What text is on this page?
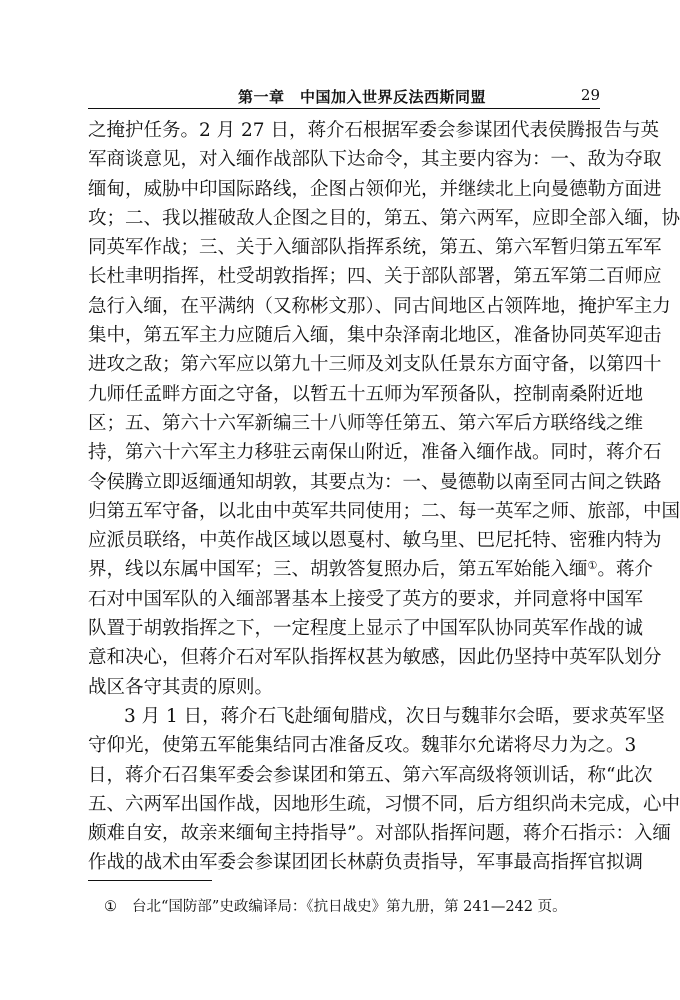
第一章　中国加入世界反法西斯同盟	29
之掩护任务。2 月 27 日，蒋介石根据军委会参谋团代表侯腾报告与英
军商谈意见，对入缅作战部队下达命令，其主要内容为：一、敌为夺取
缅甸，威胁中印国际路线，企图占领仰光，并继续北上向曼德勒方面进
攻；二、我以摧破敌人企图之目的，第五、第六两军，应即全部入缅，协
同英军作战；三、关于入缅部队指挥系统，第五、第六军暂归第五军军
长杜聿明指挥，杜受胡敦指挥；四、关于部队部署，第五军第二百师应
急行入缅，在平满纳（又称彬文那）、同古间地区占领阵地，掩护军主力
集中，第五军主力应随后入缅，集中杂泽南北地区，准备协同英军迎击
进攻之敌；第六军应以第九十三师及刘支队任景东方面守备，以第四十
九师任孟畔方面之守备，以暂五十五师为军预备队，控制南桑附近地
区；五、第六十六军新编三十八师等任第五、第六军后方联络线之维
持，第六十六军主力移驻云南保山附近，准备入缅作战。同时，蒋介石
令侯腾立即返缅通知胡敦，其要点为：一、曼德勒以南至同古间之铁路
归第五军守备，以北由中英军共同使用；二、每一英军之师、旅部，中国
应派员联络，中英作战区域以恩戛村、敏乌里、巴尼托特、密雅内特为
界，线以东属中国军；三、胡敦答复照办后，第五军始能入缅①。蒋介
石对中国军队的入缅部署基本上接受了英方的要求，并同意将中国军
队置于胡敦指挥之下，一定程度上显示了中国军队协同英军作战的诚
意和决心，但蒋介石对军队指挥权甚为敏感，因此仍坚持中英军队划分
战区各守其责的原则。
3 月 1 日，蒋介石飞赴缅甸腊戍，次日与魏菲尔会晤，要求英军坚
守仰光，使第五军能集结同古准备反攻。魏菲尔允诺将尽力为之。3
日，蒋介石召集军委会参谋团和第五、第六军高级将领训话，称“此次
五、六两军出国作战，因地形生疏，习惯不同，后方组织尚未完成，心中
颇难自安，故亲来缅甸主持指导”。对部队指挥问题，蒋介石指示：入缅
作战的战术由军委会参谋团团长林蔚负责指导，军事最高指挥官拟调
① 台北“国防部”史政编译局：《抗日战史》第九册，第 241—242 页。
